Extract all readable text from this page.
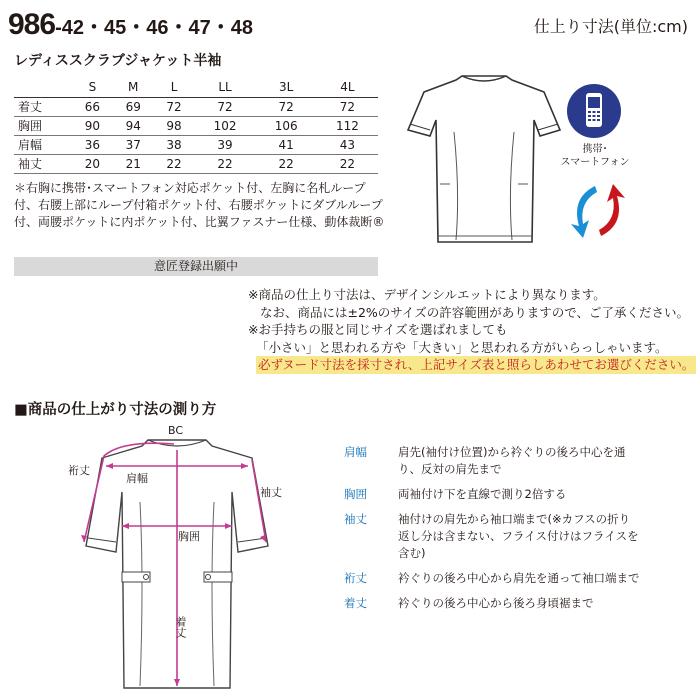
986-42・45・46・47・48
レディススクラブジャケット半袖
仕上り寸法(単位:cm)
	S	M	L	LL	3L	4L
着丈	66	69	72	72	72	72
胸囲	90	94	98	102	106	112
肩幅	36	37	38	39	41	43
袖丈	20	21	22	22	22	22
＊右胸に携帯･スマートフォン対応ポケット付、左胸に名札ループ付、右腰上部にループ付箱ポケット付、右腰ポケットにダブルループ付、両腰ポケットに内ポケット付、比翼ファスナー仕様、動体裁断®
意匠登録出願中
携帯･
スマートフォン
※商品の仕上り寸法は、デザインシルエットにより異なります。
なお、商品には±2%のサイズの許容範囲がありますので、ご了承ください。
※お手持ちの服と同じサイズを選ばれましても
「小さい」と思われる方や「大きい」と思われる方がいらっしゃいます。
必ずヌード寸法を採寸され、上記サイズ表と照らしあわせてお選びください。
■商品の仕上がり寸法の測り方
BC
裄丈
肩幅
袖丈
胸囲
着丈
肩幅	肩先(袖付け位置)から衿ぐりの後ろ中心を通り、反対の肩先まで
胸囲	両袖付け下を直線で測り2倍する
袖丈	袖付けの肩先から袖口端まで(※カフスの折り返し分は含まない、フライス付けはフライスを含む)
裄丈	衿ぐりの後ろ中心から肩先を通って袖口端まで
着丈	衿ぐりの後ろ中心から後ろ身頃裾まで
